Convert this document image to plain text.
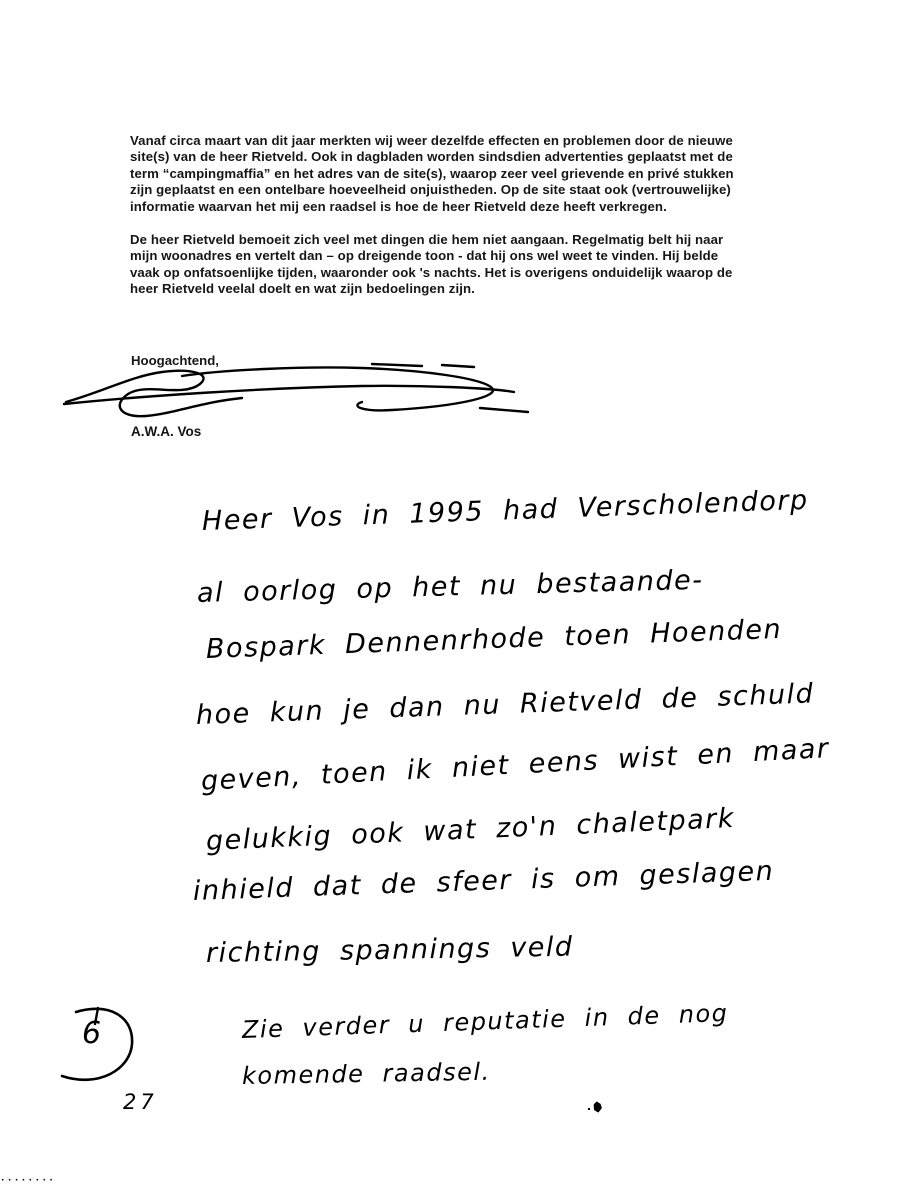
Vanaf circa maart van dit jaar merkten wij weer dezelfde effecten en problemen door de nieuwe site(s) van de heer Rietveld. Ook in dagbladen worden sindsdien advertenties geplaatst met de term “campingmaffia” en het adres van de site(s), waarop zeer veel grievende en privé stukken zijn geplaatst en een ontelbare hoeveelheid onjuistheden. Op de site staat ook (vertrouwelijke) informatie waarvan het mij een raadsel is hoe de heer Rietveld deze heeft verkregen.

De heer Rietveld bemoeit zich veel met dingen die hem niet aangaan. Regelmatig belt hij naar mijn woonadres en vertelt dan – op dreigende toon - dat hij ons wel weet te vinden. Hij belde vaak op onfatsoenlijke tijden, waaronder ook 's nachts. Het is overigens onduidelijk waarop de heer Rietveld veelal doelt en wat zijn bedoelingen zijn.

Hoogachtend,
A.W.A. Vos
Heer Vos in 1995 had Verscholendorp
al oorlog op het nu bestaande-
Bospark Dennenrhode toen Hoenden
hoe kun je dan nu Rietveld de schuld
geven, toen ik niet eens wist en maar
gelukkig ook wat zo'n chaletpark
inhield dat de sfeer is om geslagen
richting spannings veld
Zie verder u reputatie in de nog
komende raadsel.
6
27
········
